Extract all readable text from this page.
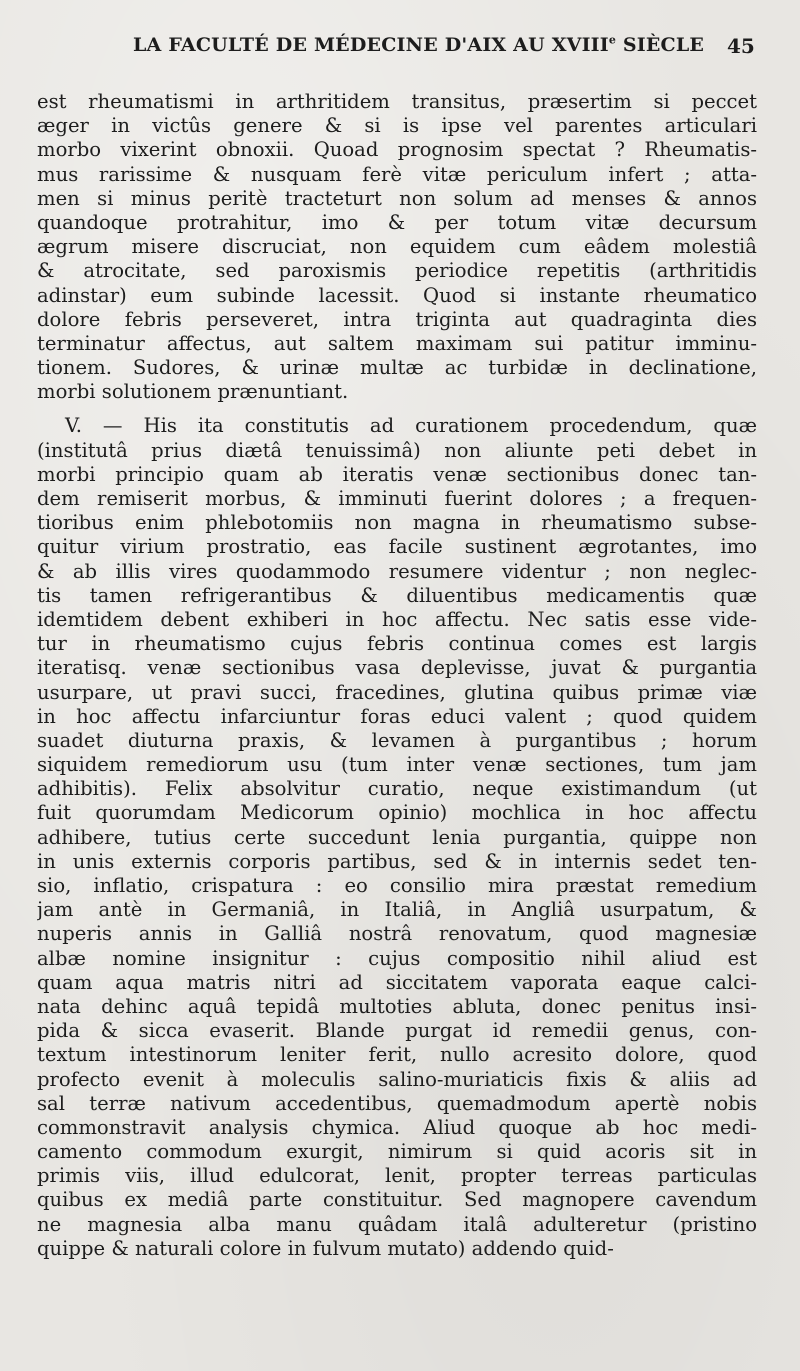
LA FACULTÉ DE MÉDECINE D'AIX AU XVIIIe SIÈCLE 45
est rheumatismi in arthritidem transitus, præsertim si peccet
æger in victûs genere & si is ipse vel parentes articulari
morbo vixerint obnoxii. Quoad prognosim spectat ? Rheumatis-
mus rarissime & nusquam ferè vitæ periculum infert ; atta-
men si minus peritè tracteturt non solum ad menses & annos
quandoque protrahitur, imo & per totum vitæ decursum
ægrum misere discruciat, non equidem cum eâdem molestiâ
& atrocitate, sed paroxismis periodice repetitis (arthritidis
adinstar) eum subinde lacessit. Quod si instante rheumatico
dolore febris perseveret, intra triginta aut quadraginta dies
terminatur affectus, aut saltem maximam sui patitur imminu-
tionem. Sudores, & urinæ multæ ac turbidæ in declinatione,
morbi solutionem prænuntiant.
V. — His ita constitutis ad curationem procedendum, quæ
(institutâ prius diætâ tenuissimâ) non aliunte peti debet in
morbi principio quam ab iteratis venæ sectionibus donec tan-
dem remiserit morbus, & imminuti fuerint dolores ; a frequen-
tioribus enim phlebotomiis non magna in rheumatismo subse-
quitur virium prostratio, eas facile sustinent ægrotantes, imo
& ab illis vires quodammodo resumere videntur ; non neglec-
tis tamen refrigerantibus & diluentibus medicamentis quæ
idemtidem debent exhiberi in hoc affectu. Nec satis esse vide-
tur in rheumatismo cujus febris continua comes est largis
iteratisq. venæ sectionibus vasa deplevisse, juvat & purgantia
usurpare, ut pravi succi, fracedines, glutina quibus primæ viæ
in hoc affectu infarciuntur foras educi valent ; quod quidem
suadet diuturna praxis, & levamen à purgantibus ; horum
siquidem remediorum usu (tum inter venæ sectiones, tum jam
adhibitis). Felix absolvitur curatio, neque existimandum (ut
fuit quorumdam Medicorum opinio) mochlica in hoc affectu
adhibere, tutius certe succedunt lenia purgantia, quippe non
in unis externis corporis partibus, sed & in internis sedet ten-
sio, inflatio, crispatura : eo consilio mira præstat remedium
jam antè in Germaniâ, in Italiâ, in Angliâ usurpatum, &
nuperis annis in Galliâ nostrâ renovatum, quod magnesiæ
albæ nomine insignitur : cujus compositio nihil aliud est
quam aqua matris nitri ad siccitatem vaporata eaque calci-
nata dehinc aquâ tepidâ multoties abluta, donec penitus insi-
pida & sicca evaserit. Blande purgat id remedii genus, con-
textum intestinorum leniter ferit, nullo acresito dolore, quod
profecto evenit à moleculis salino-muriaticis fixis & aliis ad
sal terræ nativum accedentibus, quemadmodum apertè nobis
commonstravit analysis chymica. Aliud quoque ab hoc medi-
camento commodum exurgit, nimirum si quid acoris sit in
primis viis, illud edulcorat, lenit, propter terreas particulas
quibus ex mediâ parte constituitur. Sed magnopere cavendum
ne magnesia alba manu quâdam italâ adulteretur (pristino
quippe & naturali colore in fulvum mutato) addendo quid-
